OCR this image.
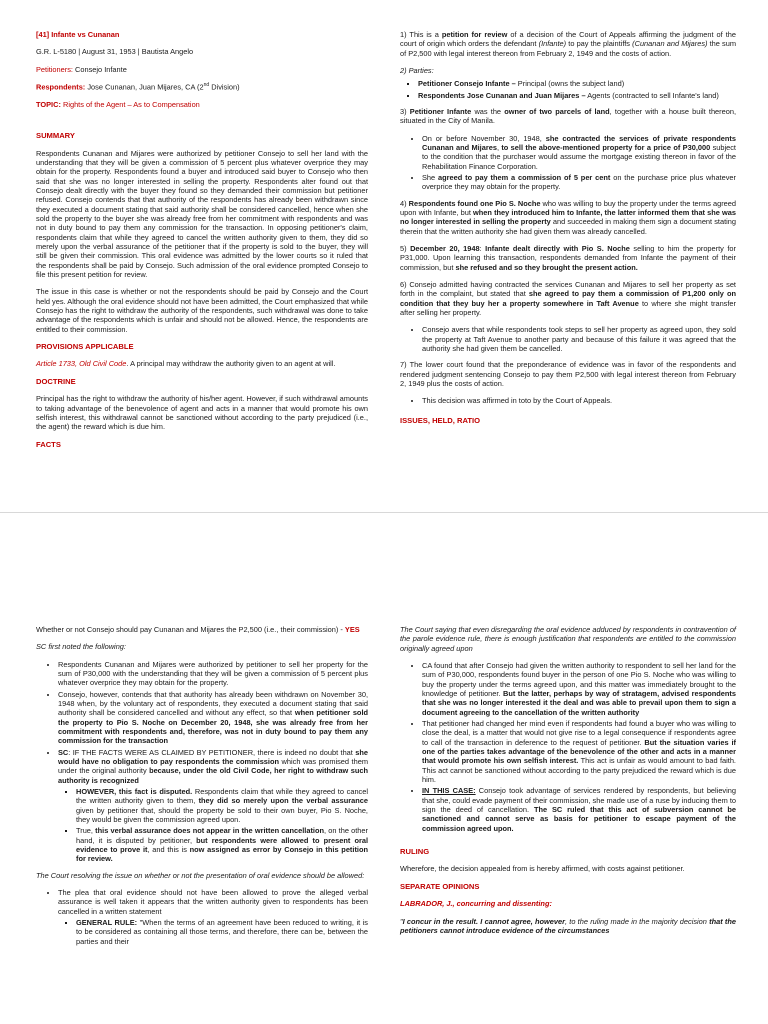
[41] Infante vs Cunanan
G.R. L-5180 | August 31, 1953 | Bautista Angelo
Petitioners: Consejo Infante
Respondents: Jose Cunanan, Juan Mijares, CA (2nd Division)
TOPIC: Rights of the Agent – As to Compensation
SUMMARY

Respondents Cunanan and Mijares were authorized by petitioner Consejo to sell her land with the understanding that they will be given a commission of 5 percent plus whatever overprice they may obtain for the property. Respondents found a buyer and introduced said buyer to Consejo who then said that she was no longer interested in selling the property. Respondents alter found out that Consejo dealt directly with the buyer they found so they demanded their commission but petitioner refused. Consejo contends that that authority of the respondents has already been withdrawn since they executed a document stating that said authority shall be considered cancelled, hence when she sold the property to the buyer she was already free from her commitment with respondents and was not in duty bound to pay them any commission for the transaction. In opposing petitioner's claim, respondents claim that while they agreed to cancel the written authority given to them, they did so merely upon the verbal assurance of the petitioner that if the property is sold to the buyer, they will still be given their commission. This oral evidence was admitted by the lower courts so it ruled that the respondents shall be paid by Consejo. Such admission of the oral evidence prompted Consejo to file this present petition for review.

The issue in this case is whether or not the respondents should be paid by Consejo and the Court held yes. Although the oral evidence should not have been admitted, the Court emphasized that while Consejo has the right to withdraw the authority of the respondents, such withdrawal was done to take advantage of the respondents which is unfair and should not be allowed. Hence, the respondents are entitled to their commission.

PROVISIONS APPLICABLE

Article 1733, Old Civil Code. A principal may withdraw the authority given to an agent at will.

DOCTRINE

Principal has the right to withdraw the authority of his/her agent. However, if such withdrawal amounts to taking advantage of the benevolence of agent and acts in a manner that would promote his own selfish interest, this withdrawal cannot be sanctioned without according to the party prejudiced (i.e., the agent) the reward which is due him.

FACTS

1) This is a petition for review of a decision of the Court of Appeals affirming the judgment of the court of origin which orders the defendant (Infante) to pay the plaintiffs (Cunanan and Mijares) the sum of P2,500 with legal interest thereon from February 2, 1949 and the costs of action.

2) Parties:

▪ Petitioner Consejo Infante – Principal (owns the subject land)
▪ Respondents Jose Cunanan and Juan Mijares – Agents (contracted to sell Infante's land)

3) Petitioner Infante was the owner of two parcels of land, together with a house built thereon, situated in the City of Manila.

• On or before November 30, 1948, she contracted the services of private respondents Cunanan and Mijares, to sell the above-mentioned property for a price of P30,000 subject to the condition that the purchaser would assume the mortgage existing thereon in favor of the Rehabilitation Finance Corporation.
• She agreed to pay them a commission of 5 per cent on the purchase price plus whatever overprice they may obtain for the property.

4) Respondents found one Pio S. Noche who was willing to buy the property under the terms agreed upon with Infante, but when they introduced him to Infante, the latter informed them that she was no longer interested in selling the property and succeeded in making them sign a document stating therein that the written authority she had given them was already cancelled.

5) December 20, 1948: Infante dealt directly with Pio S. Noche selling to him the property for P31,000. Upon learning this transaction, respondents demanded from Infante the payment of their commission, but she refused and so they brought the present action.

6) Consejo admitted having contracted the services Cunanan and Mijares to sell her property as set forth in the complaint, but stated that she agreed to pay them a commission of P1,200 only on condition that they buy her a property somewhere in Taft Avenue to where she might transfer after selling her property.

• Consejo avers that while respondents took steps to sell her property as agreed upon, they sold the property at Taft Avenue to another party and because of this failure it was agreed that the authority she had given them be cancelled.

7) The lower court found that the preponderance of evidence was in favor of the respondents and rendered judgment sentencing Consejo to pay them P2,500 with legal interest thereon from February 2, 1949 plus the costs of action.

• This decision was affirmed in toto by the Court of Appeals.
ISSUES, HELD, RATIO

Whether or not Consejo should pay Cunanan and Mijares the P2,500 (i.e., their commission) - YES

SC first noted the following:

• Respondents Cunanan and Mijares were authorized by petitioner to sell her property for the sum of P30,000 with the understanding that they will be given a commission of 5 percent plus whatever overprice they may obtain for the property.
• Consejo, however, contends that that authority has already been withdrawn on November 30, 1948 when, by the voluntary act of respondents, they executed a document stating that said authority shall be considered cancelled and without any effect, so that when petitioner sold the property to Pio S. Noche on December 20, 1948, she was already free from her commitment with respondents and, therefore, was not in duty bound to pay them any commission for the transaction
• SC: IF THE FACTS WERE AS CLAIMED BY PETITIONER, there is indeed no doubt that she would have no obligation to pay respondents the commission which was promised them under the original authority because, under the old Civil Code, her right to withdraw such authority is recognized
▪ HOWEVER, this fact is disputed. Respondents claim that while they agreed to cancel the written authority given to them, they did so merely upon the verbal assurance given by petitioner that, should the property be sold to their own buyer, Pio S. Noche, they would be given the commission agreed upon.
▪ True, this verbal assurance does not appear in the written cancellation, on the other hand, it is disputed by petitioner, but respondents were allowed to present oral evidence to prove it, and this is now assigned as error by Consejo in this petition for review.

The Court resolving the issue on whether or not the presentation of oral evidence should be allowed:

• The plea that oral evidence should not have been allowed to prove the alleged verbal assurance is well taken it appears that the written authority given to respondents has been cancelled in a written statement
▪ GENERAL RULE: "When the terms of an agreement have been reduced to writing, it is to be considered as containing all those terms, and therefore, there can be, between the parties and their

The Court saying that even disregarding the oral evidence adduced by respondents in contravention of the parole evidence rule, there is enough justification that respondents are entitled to the commission originally agreed upon

• CA found that after Consejo had given the written authority to respondent to sell her land for the sum of P30,000, respondents found buyer in the person of one Pio S. Noche who was willing to buy the property under the terms agreed upon, and this matter was immediately brought to the knowledge of petitioner. But the latter, perhaps by way of stratagem, advised respondents that she was no longer interested it the deal and was able to prevail upon them to sign a document agreeing to the cancellation of the written authority
• That petitioner had changed her mind even if respondents had found a buyer who was willing to close the deal, is a matter that would not give rise to a legal consequence if respondents agree to call of the transaction in deference to the request of petitioner. But the situation varies if one of the parties takes advantage of the benevolence of the other and acts in a manner that would promote his own selfish interest. This act is unfair as would amount to bad faith. This act cannot be sanctioned without according to the party prejudiced the reward which is due him.
• IN THIS CASE: Consejo took advantage of services rendered by respondents, but believing that she, could evade payment of their commission, she made use of a ruse by inducing them to sign the deed of cancellation. The SC ruled that this act of subversion cannot be sanctioned and cannot serve as basis for petitioner to escape payment of the commission agreed upon.
RULING

Wherefore, the decision appealed from is hereby affirmed, with costs against petitioner.

SEPARATE OPINIONS

LABRADOR, J., concurring and dissenting:

"I concur in the result. I cannot agree, however, to the ruling made in the majority decision that the petitioners cannot introduce evidence of the circumstances
